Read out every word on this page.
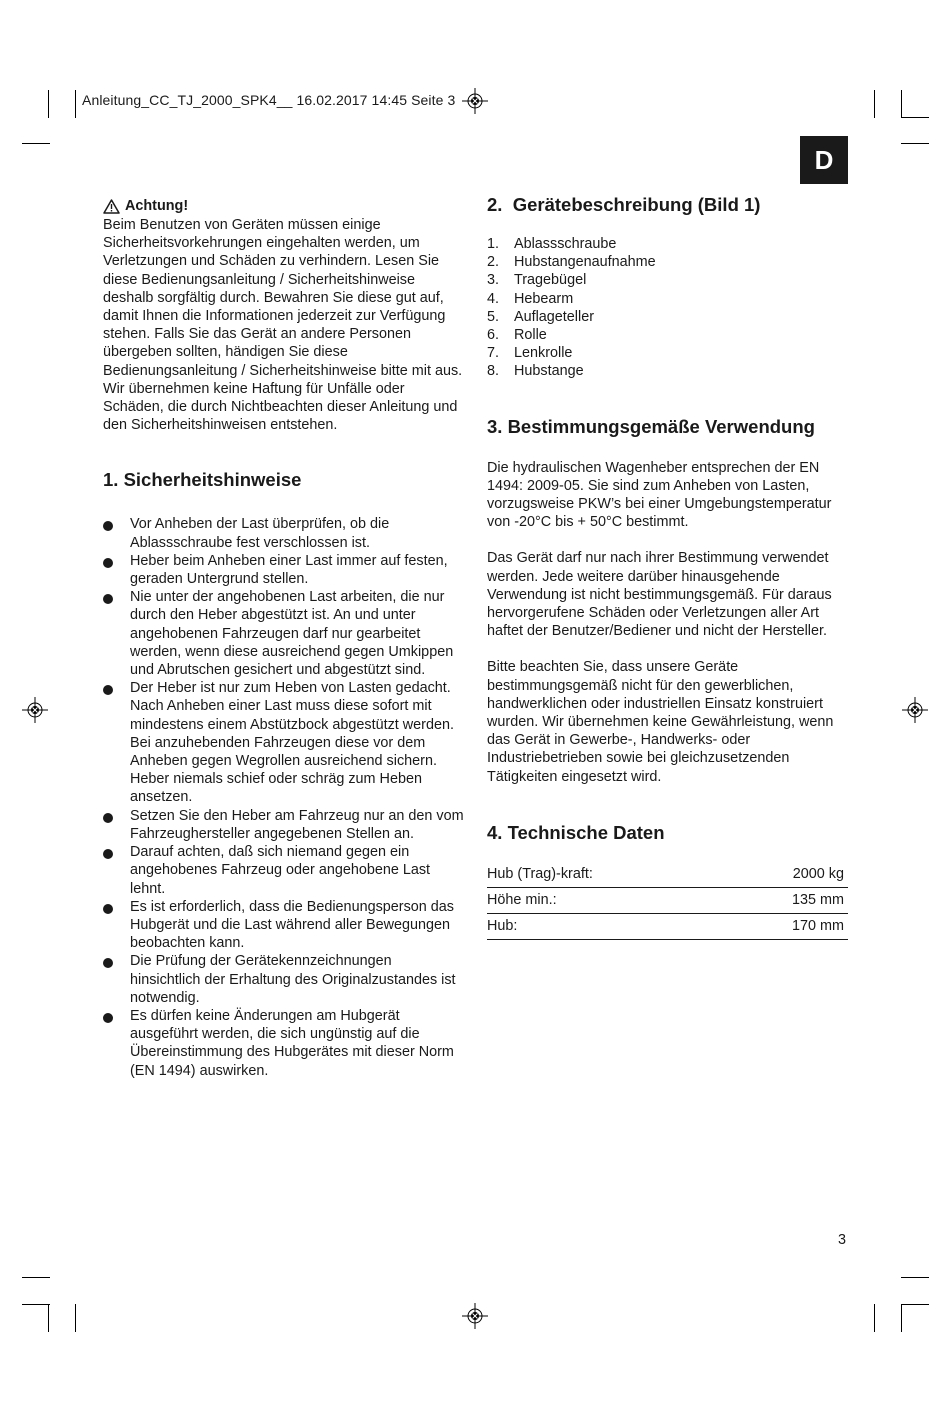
Anleitung_CC_TJ_2000_SPK4__ 16.02.2017 14:45 Seite 3
D
Achtung!
Beim Benutzen von Geräten müssen einige Sicherheitsvorkehrungen eingehalten werden, um Verletzungen und Schäden zu verhindern. Lesen Sie diese Bedienungsanleitung / Sicherheitshinweise deshalb sorgfältig durch. Bewahren Sie diese gut auf, damit Ihnen die Informationen jederzeit zur Verfügung stehen. Falls Sie das Gerät an andere Personen übergeben sollten, händigen Sie diese Bedienungsanleitung / Sicherheitshinweise bitte mit aus. Wir übernehmen keine Haftung für Unfälle oder Schäden, die durch Nichtbeachten dieser Anleitung und den Sicherheitshinweisen entstehen.
1. Sicherheitshinweise
Vor Anheben der Last überprüfen, ob die Ablassschraube fest verschlossen ist.
Heber beim Anheben einer Last immer auf festen, geraden Untergrund stellen.
Nie unter der angehobenen Last arbeiten, die nur durch den Heber abgestützt ist. An und unter angehobenen Fahrzeugen darf nur gearbeitet werden, wenn diese ausreichend gegen Umkippen und Abrutschen gesichert und abgestützt sind.
Der Heber ist nur zum Heben von Lasten gedacht. Nach Anheben einer Last muss diese sofort mit mindestens einem Abstützbock abgestützt werden. Bei anzuhebenden Fahrzeugen diese vor dem Anheben gegen Wegrollen ausreichend sichern. Heber niemals schief oder schräg zum Heben ansetzen.
Setzen Sie den Heber am Fahrzeug nur an den vom Fahrzeughersteller angegebenen Stellen an.
Darauf achten, daß sich niemand gegen ein angehobenes Fahrzeug oder angehobene Last lehnt.
Es ist erforderlich, dass die Bedienungsperson das Hubgerät und die Last während aller Bewegungen beobachten kann.
Die Prüfung der Gerätekennzeichnungen hinsichtlich der Erhaltung des Originalzustandes ist notwendig.
Es dürfen keine Änderungen am Hubgerät ausgeführt werden, die sich ungünstig auf die Übereinstimmung des Hubgerätes mit dieser Norm (EN 1494) auswirken.
2.  Gerätebeschreibung (Bild 1)
1.	Ablassschraube
2.	Hubstangenaufnahme
3.	Tragebügel
4.	Hebearm
5.	Auflageteller
6.	Rolle
7.	Lenkrolle
8.	Hubstange
3. Bestimmungsgemäße Verwendung
Die hydraulischen Wagenheber entsprechen der EN 1494: 2009-05. Sie sind zum Anheben von Lasten, vorzugsweise PKW’s bei einer Umgebungstemperatur von -20°C bis + 50°C bestimmt.
Das Gerät darf nur nach ihrer Bestimmung verwendet werden. Jede weitere darüber hinausgehende Verwendung ist nicht bestimmungsgemäß. Für daraus hervorgerufene Schäden oder Verletzungen aller Art haftet der Benutzer/Bediener und nicht der Hersteller.
Bitte beachten Sie, dass unsere Geräte bestimmungsgemäß nicht für den gewerblichen, handwerklichen oder industriellen Einsatz konstruiert wurden. Wir übernehmen keine Gewährleistung, wenn das Gerät in Gewerbe-, Handwerks- oder Industriebetrieben sowie bei gleichzusetzenden Tätigkeiten eingesetzt wird.
4. Technische Daten
Hub (Trag)-kraft:	2000 kg
Höhe min.:	135 mm
Hub:	170 mm
3
